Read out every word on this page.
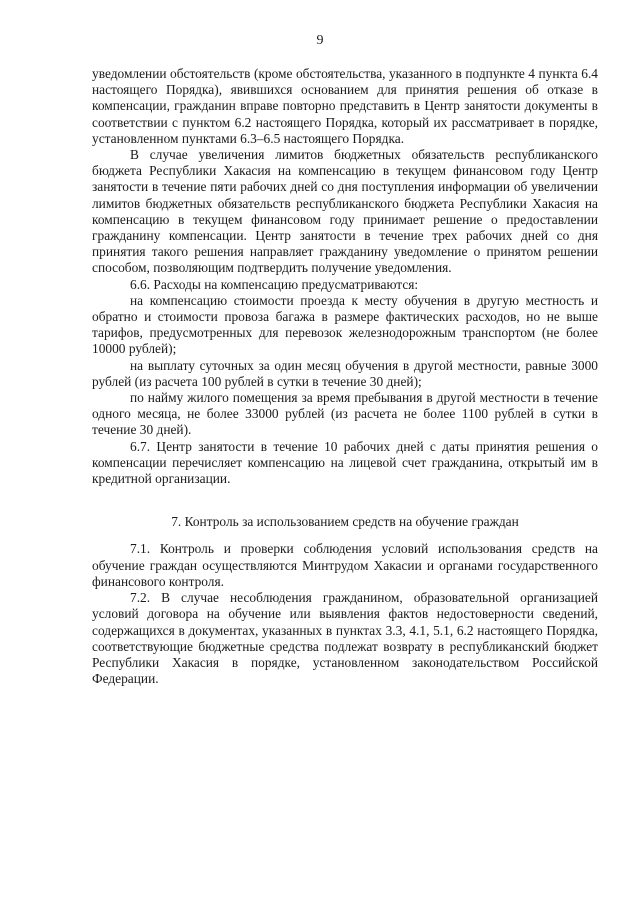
9

уведомлении обстоятельств (кроме обстоятельства, указанного в подпункте 4 пункта 6.4 настоящего Порядка), явившихся основанием для принятия решения об отказе в компенсации, гражданин вправе повторно представить в Центр занятости документы в соответствии с пунктом 6.2 настоящего Порядка, который их рассматривает в порядке, установленном пунктами 6.3–6.5 настоящего Порядка.

В случае увеличения лимитов бюджетных обязательств республиканского бюджета Республики Хакасия на компенсацию в текущем финансовом году Центр занятости в течение пяти рабочих дней со дня поступления информации об увеличении лимитов бюджетных обязательств республиканского бюджета Республики Хакасия на компенсацию в текущем финансовом году принимает решение о предоставлении гражданину компенсации. Центр занятости в течение трех рабочих дней со дня принятия такого решения направляет гражданину уведомление о принятом решении способом, позволяющим подтвердить получение уведомления.

6.6. Расходы на компенсацию предусматриваются:

на компенсацию стоимости проезда к месту обучения в другую местность и обратно и стоимости провоза багажа в размере фактических расходов, но не выше тарифов, предусмотренных для перевозок железнодорожным транспортом (не более 10000 рублей);

на выплату суточных за один месяц обучения в другой местности, равные 3000 рублей (из расчета 100 рублей в сутки в течение 30 дней);

по найму жилого помещения за время пребывания в другой местности в течение одного месяца, не более 33000 рублей (из расчета не более 1100 рублей в сутки в течение 30 дней).

6.7. Центр занятости в течение 10 рабочих дней с даты принятия решения о компенсации перечисляет компенсацию на лицевой счет гражданина, открытый им в кредитной организации.

7. Контроль за использованием средств на обучение граждан

7.1. Контроль и проверки соблюдения условий использования средств на обучение граждан осуществляются Минтрудом Хакасии и органами государственного финансового контроля.

7.2. В случае несоблюдения гражданином, образовательной организацией условий договора на обучение или выявления фактов недостоверности сведений, содержащихся в документах, указанных в пунктах 3.3, 4.1, 5.1, 6.2 настоящего Порядка, соответствующие бюджетные средства подлежат возврату в республиканский бюджет Республики Хакасия в порядке, установленном законодательством Российской Федерации.
